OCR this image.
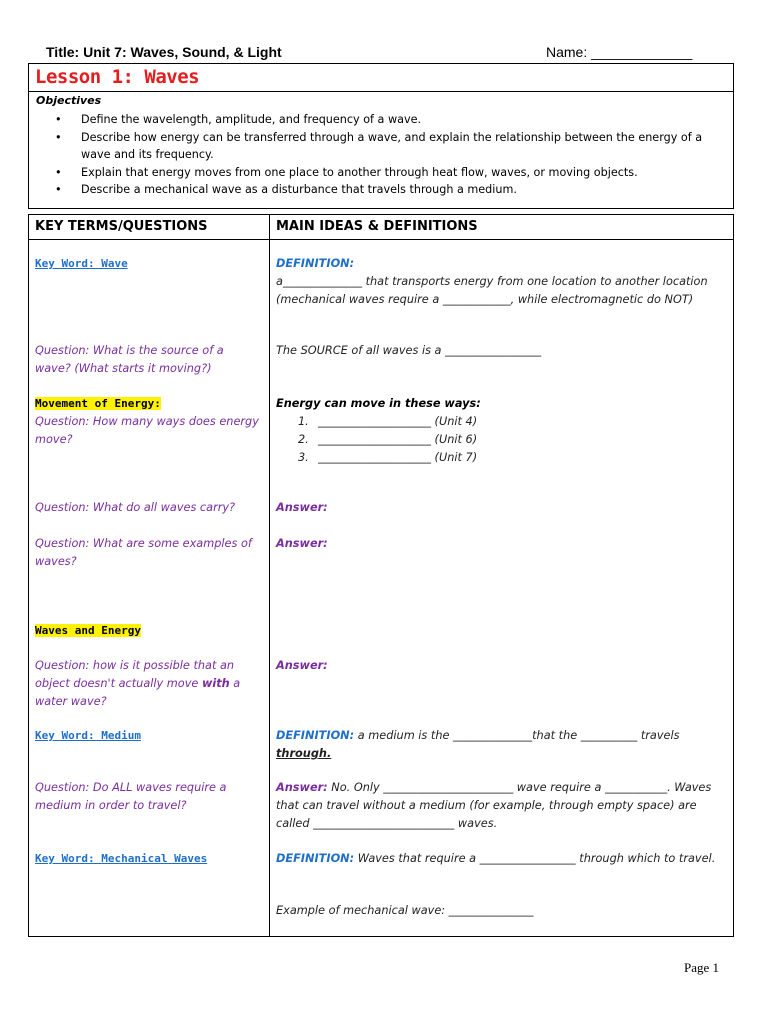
Title: Unit 7: Waves, Sound, & Light	Name: _____________
Lesson 1: Waves
Objectives
• Define the wavelength, amplitude, and frequency of a wave.
• Describe how energy can be transferred through a wave, and explain the relationship between the energy of a wave and its frequency.
• Explain that energy moves from one place to another through heat flow, waves, or moving objects.
• Describe a mechanical wave as a disturbance that travels through a medium.
KEY TERMS/QUESTIONS	MAIN IDEAS & DEFINITIONS
Key Word: Wave
Question: What is the source of a wave? (What starts it moving?)
Movement of Energy:
Question: How many ways does energy move?
Question: What do all waves carry?
Question: What are some examples of waves?
Waves and Energy
Question: how is it possible that an object doesn't actually move with a water wave?
Key Word: Medium
Question: Do ALL waves require a medium in order to travel?
Key Word: Mechanical Waves
DEFINITION:
a______________ that transports energy from one location to another location (mechanical waves require a ____________, while electromagnetic do NOT)
The SOURCE of all waves is a _________________
Energy can move in these ways:
1. ____________________ (Unit 4)
2. ____________________ (Unit 6)
3. ____________________ (Unit 7)
Answer:
Answer:
Answer:
DEFINITION: a medium is the ______________that the __________ travels through.
Answer: No. Only _______________________ wave require a ___________. Waves that can travel without a medium (for example, through empty space) are called _________________________ waves.
DEFINITION: Waves that require a _________________ through which to travel.
Example of mechanical wave: _______________
Page 1
